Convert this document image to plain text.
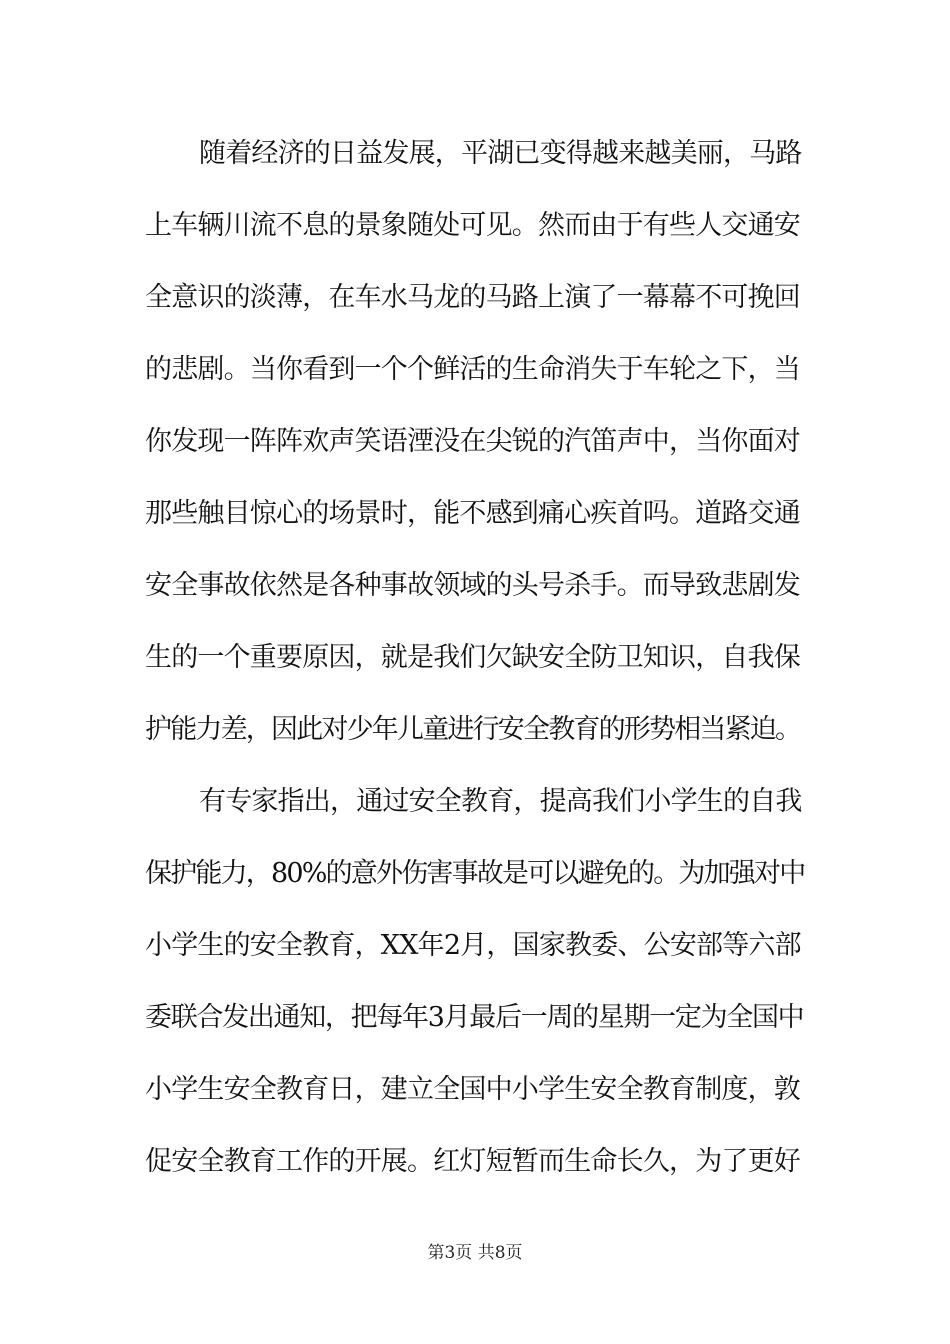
随着经济的日益发展，平湖已变得越来越美丽，马路
上车辆川流不息的景象随处可见。然而由于有些人交通安
全意识的淡薄，在车水马龙的马路上演了一幕幕不可挽回
的悲剧。当你看到一个个鲜活的生命消失于车轮之下，当
你发现一阵阵欢声笑语湮没在尖锐的汽笛声中，当你面对
那些触目惊心的场景时，能不感到痛心疾首吗。道路交通
安全事故依然是各种事故领域的头号杀手。而导致悲剧发
生的一个重要原因，就是我们欠缺安全防卫知识，自我保
护能力差，因此对少年儿童进行安全教育的形势相当紧迫。
有专家指出，通过安全教育，提高我们小学生的自我
保护能力，80%的意外伤害事故是可以避免的。为加强对中
小学生的安全教育，XX年2月，国家教委、公安部等六部
委联合发出通知，把每年3月最后一周的星期一定为全国中
小学生安全教育日，建立全国中小学生安全教育制度，敦
促安全教育工作的开展。红灯短暂而生命长久，为了更好
第3页 共8页
